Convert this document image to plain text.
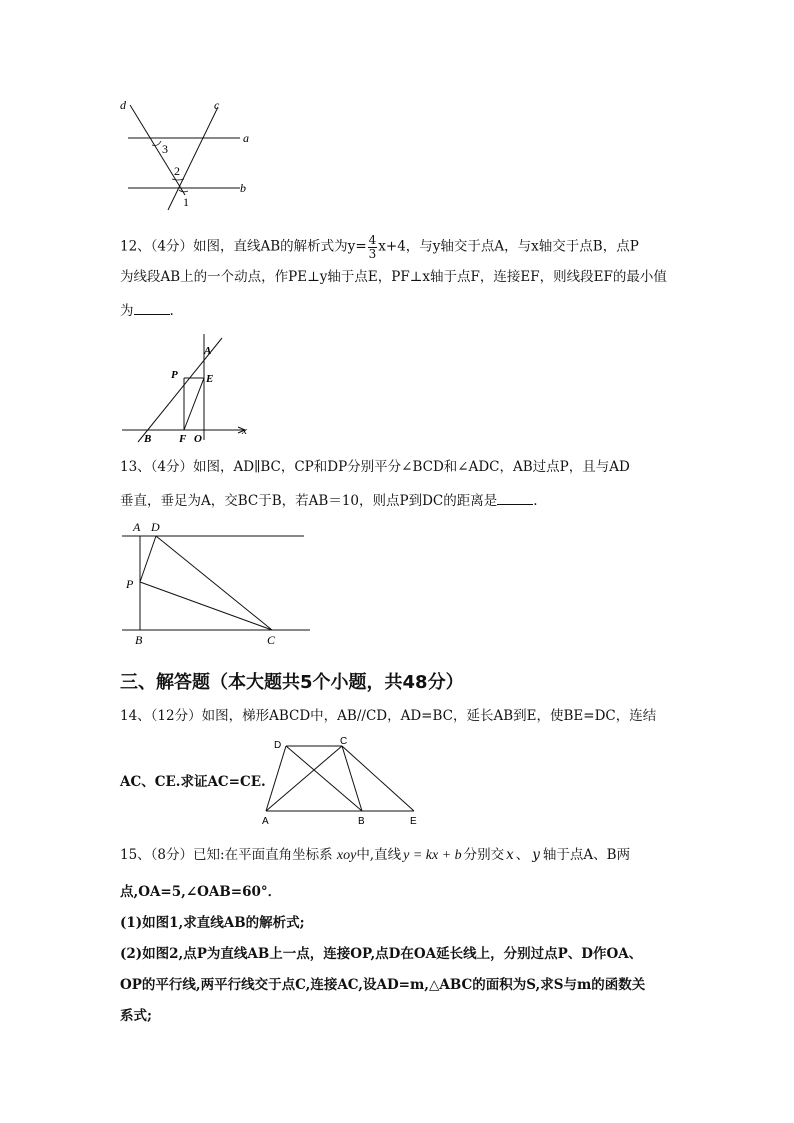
d	c
a
b
3
2
1
12、（4分）如图，直线AB的解析式为$y= \frac{4}{3} x+4$，与y轴交于点A，与x轴交于点B，点P
为线段AB上的一个动点，作PE⊥y轴于点E，PF⊥x轴于点F，连接EF，则线段EF的最小值
为	.
A
P	E
B	F O
x
13、（4分）如图，AD∥BC，CP和DP分别平分∠BCD和∠ADC，AB过点P，且与AD
垂直，垂足为A，交BC于B，若AB＝10，则点P到DC的距离是	.
A D
P
B	C
三、解答题（本大题共5个小题，共48分）
14、（12分）如图，梯形ABCD中，AB//CD，AD=BC，延长AB到E，使BE=DC，连结
AC、CE.求证AC=CE.
D	C
A	B	E
15、（8分）已知:在平面直角坐标系 xoy中,直线 y = kx + b 分别交 x 、 y 轴于点A、B两
点,OA=5,∠OAB=60°．
(1)如图1,求直线AB的解析式;
(2)如图2,点P为直线AB上一点，连接OP,点D在OA延长线上，分别过点P、D作OA、
OP的平行线,两平行线交于点C,连接AC,设AD=m,△ABC的面积为S,求S与m的函数关
系式;
